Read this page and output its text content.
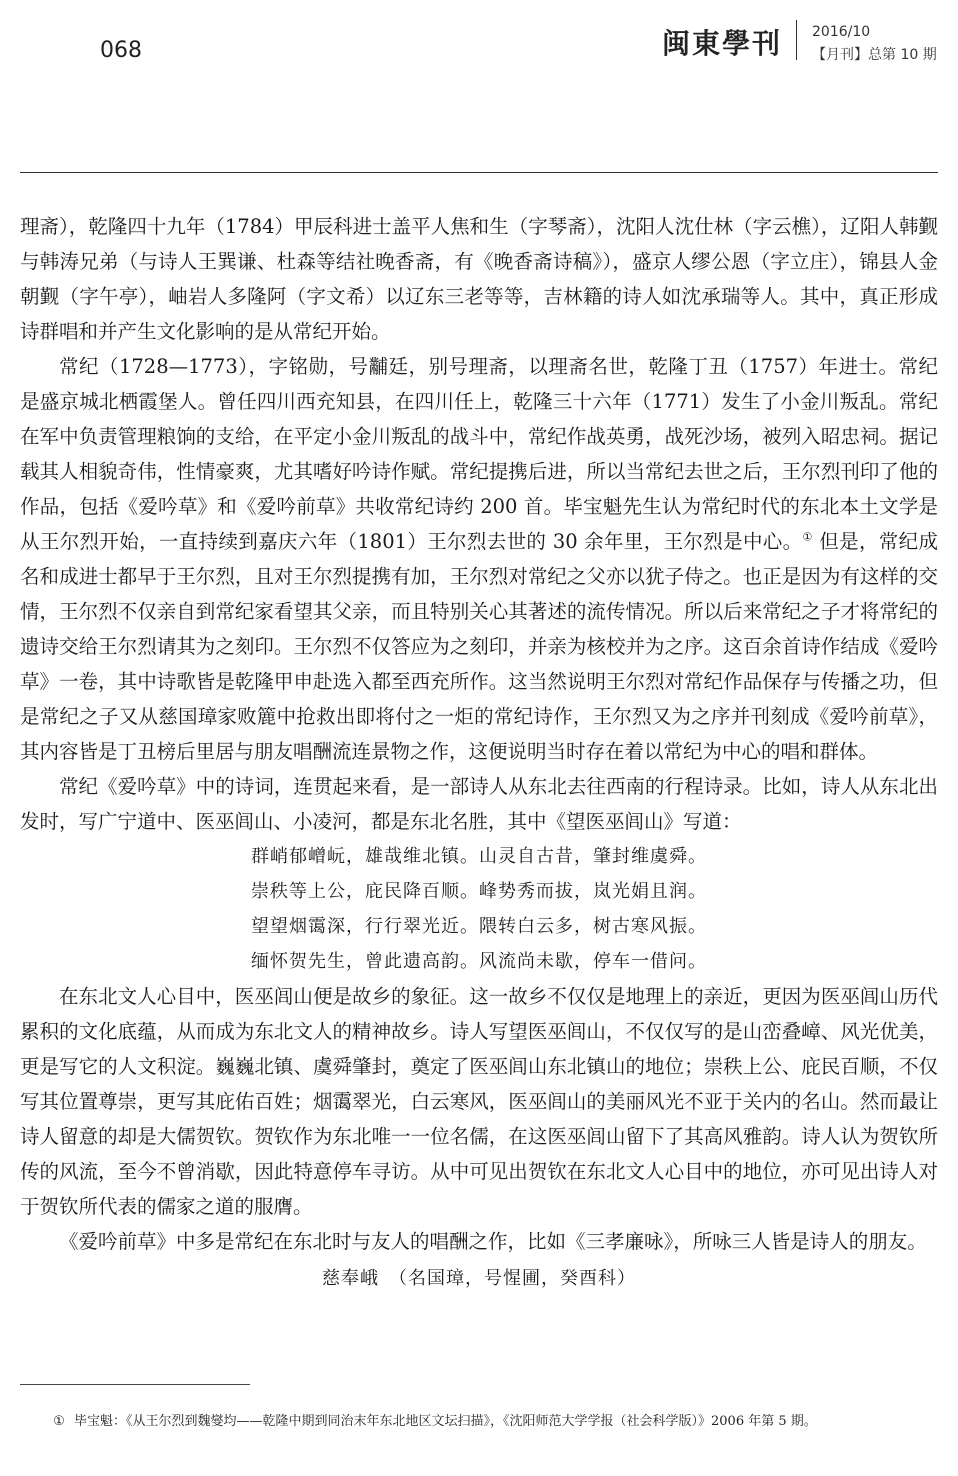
068	闽東學刊 2016/10
【月刊】总第 10 期

理斋），乾隆四十九年（1784）甲辰科进士盖平人焦和生（字琴斋），沈阳人沈仕林（字云樵），辽阳人韩觐与韩涛兄弟（与诗人王巽谦、杜森等结社晚香斋，有《晚香斋诗稿》），盛京人缪公恩（字立庄），锦县人金朝觐（字午亭），岫岩人多隆阿（字文希）以辽东三老等等，吉林籍的诗人如沈承瑞等人。其中，真正形成诗群唱和并产生文化影响的是从常纪开始。

常纪（1728—1773），字铭勋，号黼廷，别号理斋，以理斋名世，乾隆丁丑（1757）年进士。常纪是盛京城北栖霞堡人。曾任四川西充知县，在四川任上，乾隆三十六年（1771）发生了小金川叛乱。常纪在军中负责管理粮饷的支给，在平定小金川叛乱的战斗中，常纪作战英勇，战死沙场，被列入昭忠祠。据记载其人相貌奇伟，性情豪爽，尤其嗜好吟诗作赋。常纪提携后进，所以当常纪去世之后，王尔烈刊印了他的作品，包括《爱吟草》和《爱吟前草》共收常纪诗约 200 首。毕宝魁先生认为常纪时代的东北本土文学是从王尔烈开始，一直持续到嘉庆六年（1801）王尔烈去世的 30 余年里，王尔烈是中心。① 但是，常纪成名和成进士都早于王尔烈，且对王尔烈提携有加，王尔烈对常纪之父亦以犹子侍之。也正是因为有这样的交情，王尔烈不仅亲自到常纪家看望其父亲，而且特别关心其著述的流传情况。所以后来常纪之子才将常纪的遗诗交给王尔烈请其为之刻印。王尔烈不仅答应为之刻印，并亲为核校并为之序。这百余首诗作结成《爱吟草》一卷，其中诗歌皆是乾隆甲申赴选入都至西充所作。这当然说明王尔烈对常纪作品保存与传播之功，但是常纪之子又从慈国璋家败簏中抢救出即将付之一炬的常纪诗作，王尔烈又为之序并刊刻成《爱吟前草》，其内容皆是丁丑榜后里居与朋友唱酬流连景物之作，这便说明当时存在着以常纪为中心的唱和群体。

常纪《爱吟草》中的诗词，连贯起来看，是一部诗人从东北去往西南的行程诗录。比如，诗人从东北出发时，写广宁道中、医巫闾山、小凌河，都是东北名胜，其中《望医巫闾山》写道：

群峭郁嶒岏，雄哉维北镇。山灵自古昔，肇封维虞舜。

崇秩等上公，庇民降百顺。峰势秀而拔，岚光娟且润。

望望烟霭深，行行翠光近。隈转白云多，树古寒风振。

缅怀贺先生，曾此遗高韵。风流尚未歇，停车一借问。

在东北文人心目中，医巫闾山便是故乡的象征。这一故乡不仅仅是地理上的亲近，更因为医巫闾山历代累积的文化底蕴，从而成为东北文人的精神故乡。诗人写望医巫闾山，不仅仅写的是山峦叠嶂、风光优美，更是写它的人文积淀。巍巍北镇、虞舜肇封，奠定了医巫闾山东北镇山的地位；崇秩上公、庇民百顺，不仅写其位置尊崇，更写其庇佑百姓；烟霭翠光，白云寒风，医巫闾山的美丽风光不亚于关内的名山。然而最让诗人留意的却是大儒贺钦。贺钦作为东北唯一一位名儒，在这医巫闾山留下了其高风雅韵。诗人认为贺钦所传的风流，至今不曾消歇，因此特意停车寻访。从中可见出贺钦在东北文人心目中的地位，亦可见出诗人对于贺钦所代表的儒家之道的服膺。

《爱吟前草》中多是常纪在东北时与友人的唱酬之作，比如《三孝廉咏》，所咏三人皆是诗人的朋友。

慈奉峨　（名国璋，号惺圃，癸酉科）

① 毕宝魁：《从王尔烈到魏燮均——乾隆中期到同治末年东北地区文坛扫描》，《沈阳师范大学学报（社会科学版）》2006 年第 5 期。
